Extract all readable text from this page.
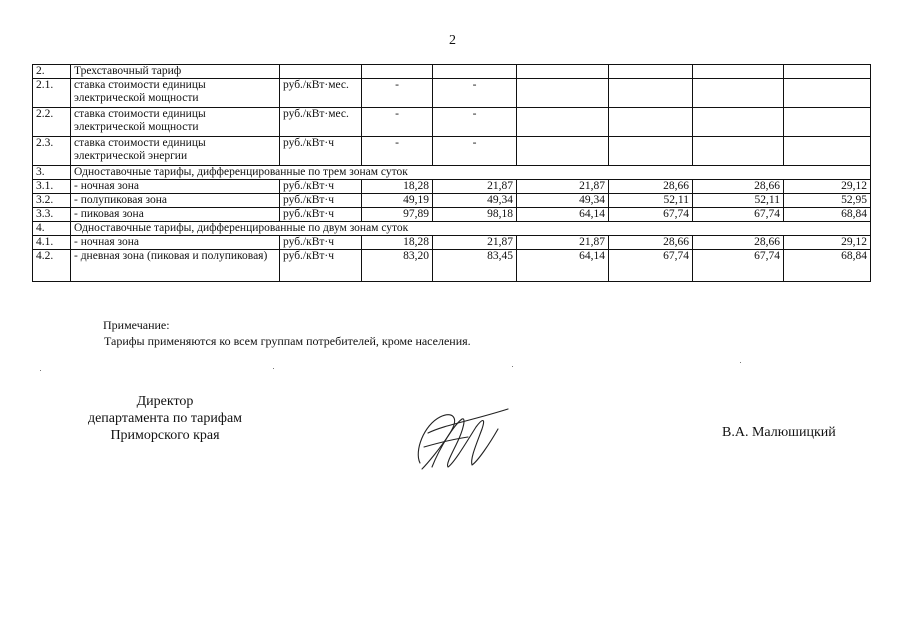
2
2.	Трехставочный тариф							
2.1.	ставка стоимости единицы электрической мощности	руб./кВт·мес.	-	-				
2.2.	ставка стоимости единицы электрической мощности	руб./кВт·мес.	-	-				
2.3.	ставка стоимости единицы электрической энергии	руб./кВт·ч	-	-				
3.	Одноставочные тарифы, дифференцированные по трем зонам суток							
3.1.	- ночная зона	руб./кВт·ч	18,28	21,87	21,87	28,66	28,66	29,12
3.2.	- полупиковая зона	руб./кВт·ч	49,19	49,34	49,34	52,11	52,11	52,95
3.3.	- пиковая зона	руб./кВт·ч	97,89	98,18	64,14	67,74	67,74	68,84
4.	Одноставочные тарифы, дифференцированные по двум зонам суток							
4.1.	- ночная зона	руб./кВт·ч	18,28	21,87	21,87	28,66	28,66	29,12
4.2.	- дневная зона (пиковая и полупиковая)	руб./кВт·ч	83,20	83,45	64,14	67,74	67,74	68,84
Примечание:
Тарифы применяются ко всем группам потребителей, кроме населения.
Директор
департамента по тарифам
Приморского края	В.А. Малюшицкий
